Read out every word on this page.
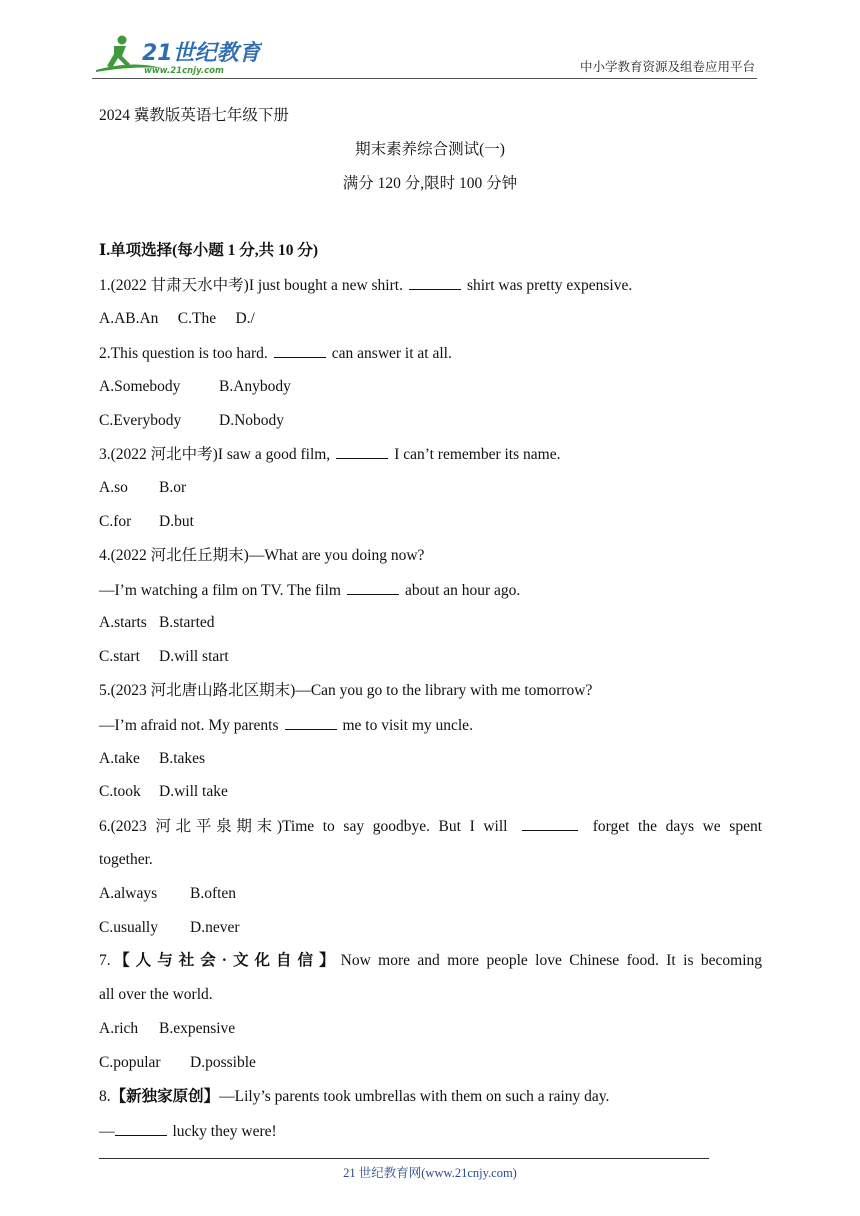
21世纪教育
www.21cnjy.com	中小学教育资源及组卷应用平台
2024 冀教版英语七年级下册
期末素养综合测试(一)
满分 120 分,限时 100 分钟
Ⅰ.单项选择(每小题 1 分,共 10 分)
1.(2022 甘肃天水中考)I just bought a new shirt.	shirt was pretty expensive.
A.AB.An C.The D./
2.This question is too hard.	can answer it at all.
A.Somebody B.Anybody
C.Everybody D.Nobody
3.(2022 河北中考)I saw a good film,	I can’t remember its name.
A.so B.or
C.for D.but
4.(2022 河北任丘期末)—What are you doing now?
—I’m watching a film on TV. The film	about an hour ago.
A.starts B.started
C.start D.will start
5.(2023 河北唐山路北区期末)—Can you go to the library with me tomorrow?
—I’m afraid not. My parents	me to visit my uncle.
A.take B.takes
C.took D.will take
6.(2023 河北平泉期末)Time to say goodbye. But I will	forget the days we spent
together.
A.always B.often
C.usually D.never
7.【人与社会·文化自信】Now more and more people love Chinese food. It is becoming
all over the world.
A.rich B.expensive
C.popular D.possible
8.【新独家原创】—Lily’s parents took umbrellas with them on such a rainy day.
—	lucky they were!
21 世纪教育网(www.21cnjy.com)
